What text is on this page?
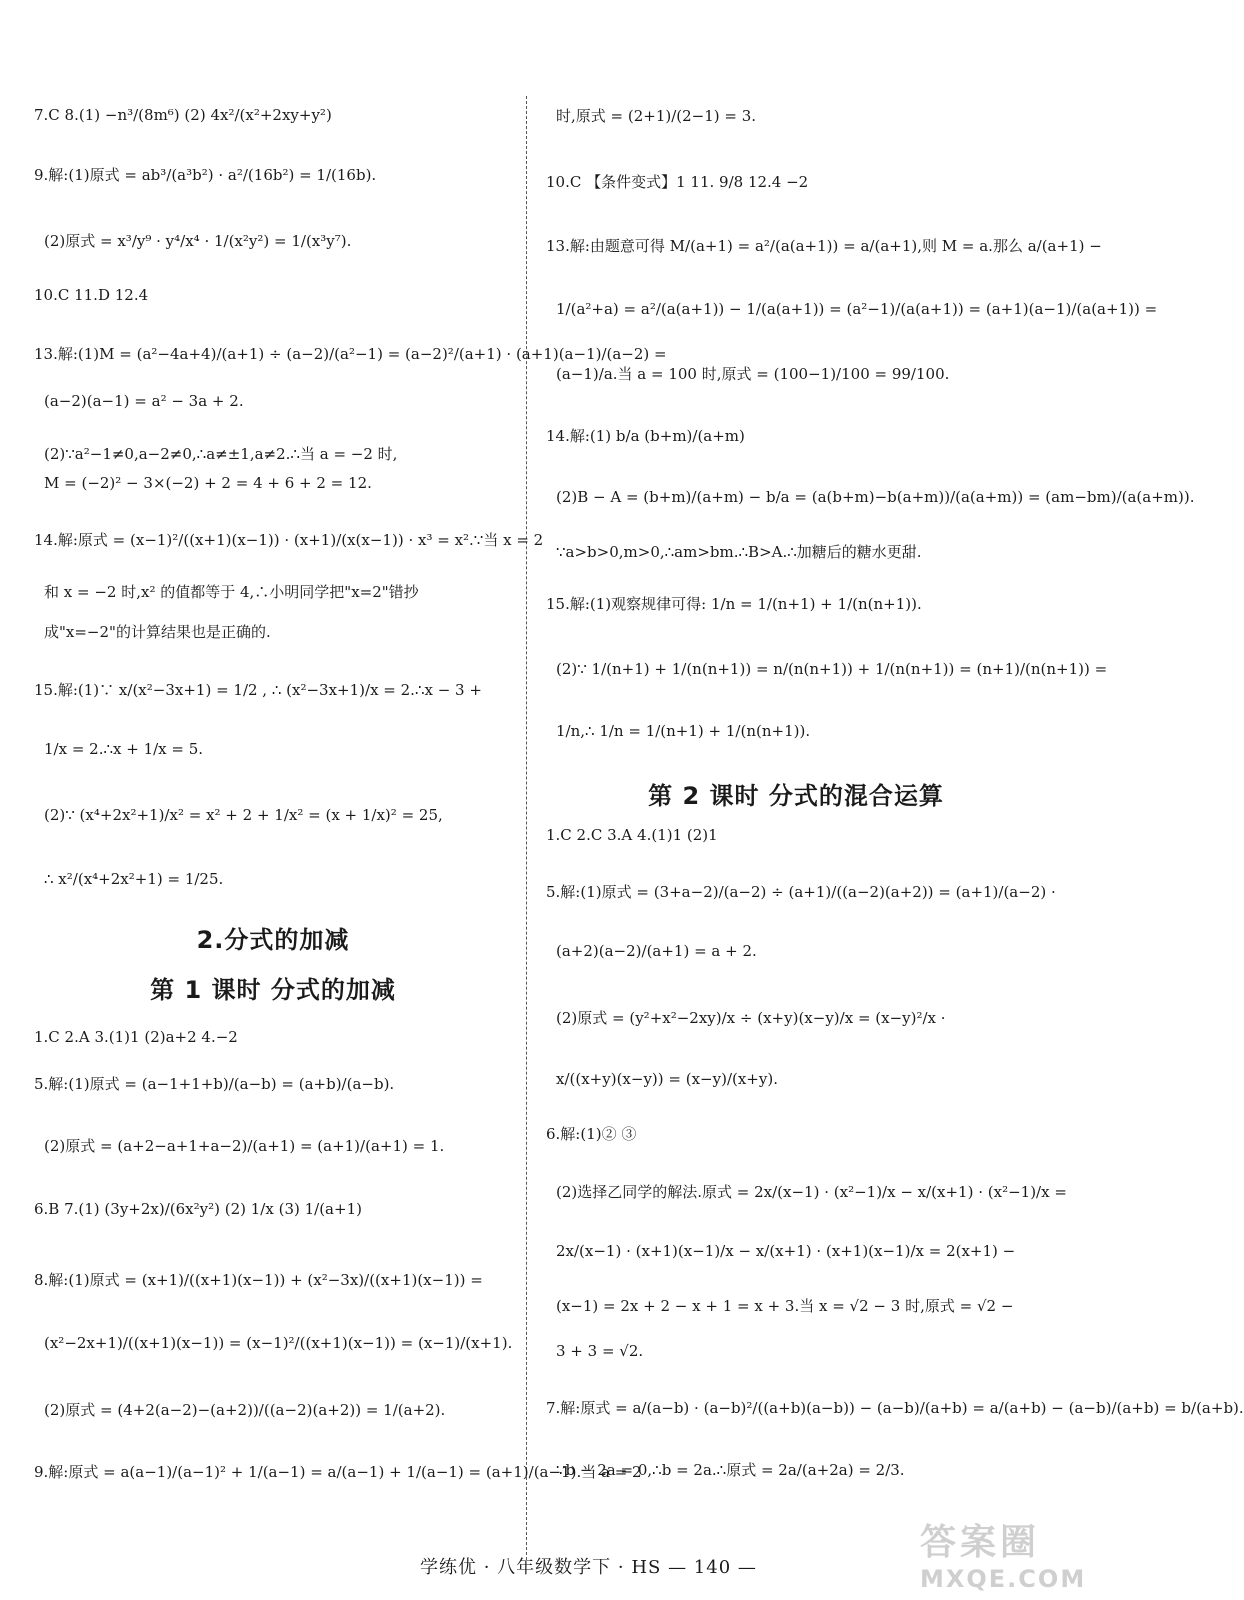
7.C 8.(1) −n³/(8m⁶) (2) 4x²/(x²+2xy+y²)
9.解:(1)原式 = ab³/(a³b²) · a²/(16b²) = 1/(16b).
(2)原式 = x³/y⁹ · y⁴/x⁴ · 1/(x²y²) = 1/(x³y⁷).
10.C 11.D 12.4
13.解:(1)M = (a²−4a+4)/(a+1) ÷ (a−2)/(a²−1) = (a−2)²/(a+1) · (a+1)(a−1)/(a−2) =
(a−2)(a−1) = a² − 3a + 2.
(2)∵a²−1≠0,a−2≠0,∴a≠±1,a≠2.∴当 a = −2 时,
M = (−2)² − 3×(−2) + 2 = 4 + 6 + 2 = 12.
14.解:原式 = (x−1)²/((x+1)(x−1)) · (x+1)/(x(x−1)) · x³ = x².∵当 x = 2
和 x = −2 时,x² 的值都等于 4,∴小明同学把"x=2"错抄
成"x=−2"的计算结果也是正确的.
15.解:(1)∵ x/(x²−3x+1) = 1/2 , ∴ (x²−3x+1)/x = 2.∴x − 3 +
1/x = 2.∴x + 1/x = 5.
(2)∵ (x⁴+2x²+1)/x² = x² + 2 + 1/x² = (x + 1/x)² = 25,
∴ x²/(x⁴+2x²+1) = 1/25.
2.分式的加减
第 1 课时 分式的加减
1.C 2.A 3.(1)1 (2)a+2 4.−2
5.解:(1)原式 = (a−1+1+b)/(a−b) = (a+b)/(a−b).
(2)原式 = (a+2−a+1+a−2)/(a+1) = (a+1)/(a+1) = 1.
6.B 7.(1) (3y+2x)/(6x²y²) (2) 1/x (3) 1/(a+1)
8.解:(1)原式 = (x+1)/((x+1)(x−1)) + (x²−3x)/((x+1)(x−1)) =
(x²−2x+1)/((x+1)(x−1)) = (x−1)²/((x+1)(x−1)) = (x−1)/(x+1).
(2)原式 = (4+2(a−2)−(a+2))/((a−2)(a+2)) = 1/(a+2).
9.解:原式 = a(a−1)/(a−1)² + 1/(a−1) = a/(a−1) + 1/(a−1) = (a+1)/(a−1).当 a = 2
时,原式 = (2+1)/(2−1) = 3.
10.C 【条件变式】1 11. 9/8 12.4 −2
13.解:由题意可得 M/(a+1) = a²/(a(a+1)) = a/(a+1),则 M = a.那么 a/(a+1) −
1/(a²+a) = a²/(a(a+1)) − 1/(a(a+1)) = (a²−1)/(a(a+1)) = (a+1)(a−1)/(a(a+1)) =
(a−1)/a.当 a = 100 时,原式 = (100−1)/100 = 99/100.
14.解:(1) b/a (b+m)/(a+m)
(2)B − A = (b+m)/(a+m) − b/a = (a(b+m)−b(a+m))/(a(a+m)) = (am−bm)/(a(a+m)).
∵a>b>0,m>0,∴am>bm.∴B>A.∴加糖后的糖水更甜.
15.解:(1)观察规律可得: 1/n = 1/(n+1) + 1/(n(n+1)).
(2)∵ 1/(n+1) + 1/(n(n+1)) = n/(n(n+1)) + 1/(n(n+1)) = (n+1)/(n(n+1)) =
1/n,∴ 1/n = 1/(n+1) + 1/(n(n+1)).
第 2 课时 分式的混合运算
1.C 2.C 3.A 4.(1)1 (2)1
5.解:(1)原式 = (3+a−2)/(a−2) ÷ (a+1)/((a−2)(a+2)) = (a+1)/(a−2) ·
(a+2)(a−2)/(a+1) = a + 2.
(2)原式 = (y²+x²−2xy)/x ÷ (x+y)(x−y)/x = (x−y)²/x ·
x/((x+y)(x−y)) = (x−y)/(x+y).
6.解:(1)② ③
(2)选择乙同学的解法.原式 = 2x/(x−1) · (x²−1)/x − x/(x+1) · (x²−1)/x =
2x/(x−1) · (x+1)(x−1)/x − x/(x+1) · (x+1)(x−1)/x = 2(x+1) −
(x−1) = 2x + 2 − x + 1 = x + 3.当 x = √2 − 3 时,原式 = √2 −
3 + 3 = √2.
7.解:原式 = a/(a−b) · (a−b)²/((a+b)(a−b)) − (a−b)/(a+b) = a/(a+b) − (a−b)/(a+b) = b/(a+b).
∵b − 2a = 0,∴b = 2a.∴原式 = 2a/(a+2a) = 2/3.
学练优 · 八年级数学下 · HS — 140 —
答案圈
MXQE.COM
